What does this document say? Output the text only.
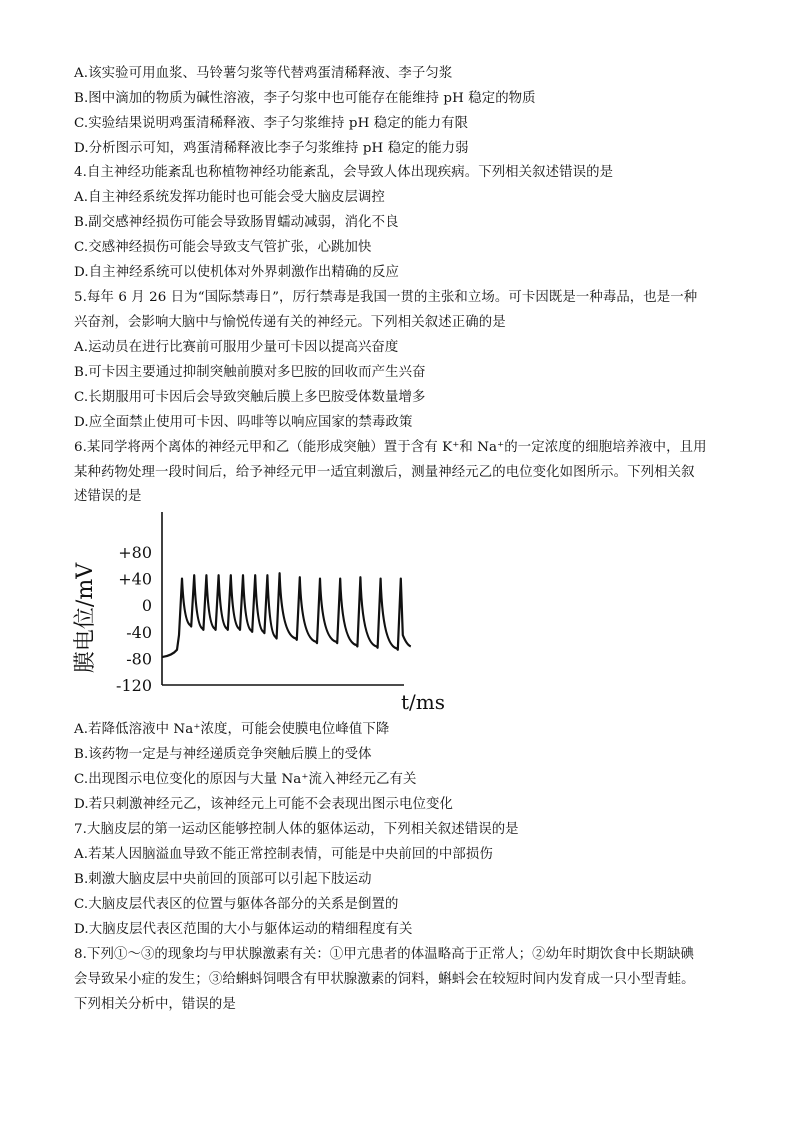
A.该实验可用血浆、马铃薯匀浆等代替鸡蛋清稀释液、李子匀浆
B.图中滴加的物质为碱性溶液，李子匀浆中也可能存在能维持 pH 稳定的物质
C.实验结果说明鸡蛋清稀释液、李子匀浆维持 pH 稳定的能力有限
D.分析图示可知，鸡蛋清稀释液比李子匀浆维持 pH 稳定的能力弱
4.自主神经功能紊乱也称植物神经功能紊乱，会导致人体出现疾病。下列相关叙述错误的是
A.自主神经系统发挥功能时也可能会受大脑皮层调控
B.副交感神经损伤可能会导致肠胃蠕动减弱，消化不良
C.交感神经损伤可能会导致支气管扩张，心跳加快
D.自主神经系统可以使机体对外界刺激作出精确的反应
5.每年 6 月 26 日为“国际禁毒日”，厉行禁毒是我国一贯的主张和立场。可卡因既是一种毒品，也是一种
兴奋剂，会影响大脑中与愉悦传递有关的神经元。下列相关叙述正确的是
A.运动员在进行比赛前可服用少量可卡因以提高兴奋度
B.可卡因主要通过抑制突触前膜对多巴胺的回收而产生兴奋
C.长期服用可卡因后会导致突触后膜上多巴胺受体数量增多
D.应全面禁止使用可卡因、吗啡等以响应国家的禁毒政策
6.某同学将两个离体的神经元甲和乙（能形成突触）置于含有 K⁺和 Na⁺的一定浓度的细胞培养液中，且用
某种药物处理一段时间后，给予神经元甲一适宜刺激后，测量神经元乙的电位变化如图所示。下列相关叙
述错误的是
A.若降低溶液中 Na⁺浓度，可能会使膜电位峰值下降
B.该药物一定是与神经递质竞争突触后膜上的受体
C.出现图示电位变化的原因与大量 Na⁺流入神经元乙有关
D.若只刺激神经元乙，该神经元上可能不会表现出图示电位变化
7.大脑皮层的第一运动区能够控制人体的躯体运动，下列相关叙述错误的是
A.若某人因脑溢血导致不能正常控制表情，可能是中央前回的中部损伤
B.刺激大脑皮层中央前回的顶部可以引起下肢运动
C.大脑皮层代表区的位置与躯体各部分的关系是倒置的
D.大脑皮层代表区范围的大小与躯体运动的精细程度有关
8.下列①～③的现象均与甲状腺激素有关：①甲亢患者的体温略高于正常人；②幼年时期饮食中长期缺碘
会导致呆小症的发生；③给蝌蚪饲喂含有甲状腺激素的饲料，蝌蚪会在较短时间内发育成一只小型青蛙。
下列相关分析中，错误的是
膜电位/mV
+80
+40
0
-40
-80
-120
t/ms
